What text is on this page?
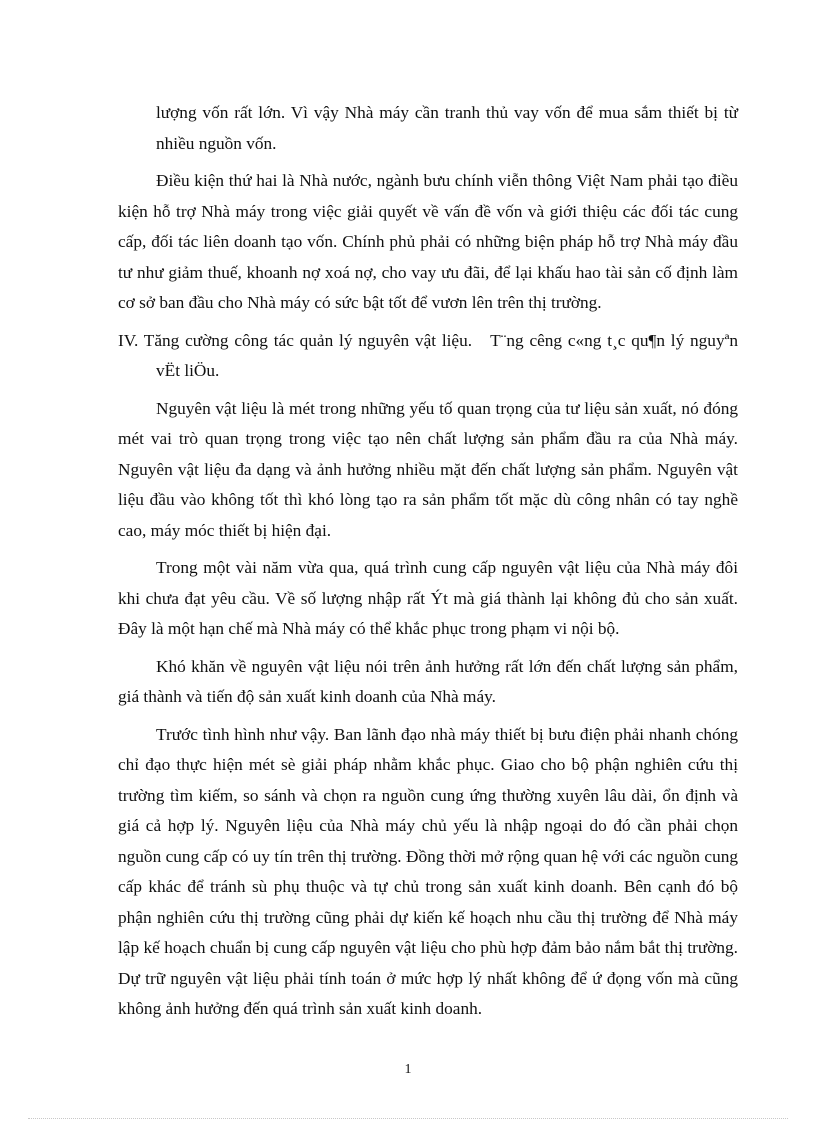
lượng vốn rất lớn. Vì vậy Nhà máy cần tranh thủ vay vốn để mua sắm thiết bị từ nhiều nguồn vốn.

Điều kiện thứ hai là Nhà nước, ngành bưu chính viễn thông Việt Nam phải tạo điều kiện hỗ trợ Nhà máy trong việc giải quyết về vấn đề vốn và giới thiệu các đối tác cung cấp, đối tác liên doanh tạo vốn. Chính phủ phải có những biện pháp hỗ trợ Nhà máy đầu tư như giảm thuế, khoanh nợ xoá nợ, cho vay ưu đãi, để lại khấu hao tài sản cố định làm cơ sở ban đầu cho Nhà máy có sức bật tốt để vươn lên trên thị trường.

IV. Tăng cường công tác quản lý nguyên vật liệu. T¨ng cêng c«ng t¸c qu¶n lý nguyªn vËt liÖu.

Nguyên vật liệu là mét trong những yếu tố quan trọng của tư liệu sản xuất, nó đóng mét vai trò quan trọng trong việc tạo nên chất lượng sản phẩm đầu ra của Nhà máy. Nguyên vật liệu đa dạng và ảnh hưởng nhiều mặt đến chất lượng sản phẩm. Nguyên vật liệu đầu vào không tốt thì khó lòng tạo ra sản phẩm tốt mặc dù công nhân có tay nghề cao, máy móc thiết bị hiện đại.

Trong một vài năm vừa qua, quá trình cung cấp nguyên vật liệu của Nhà máy đôi khi chưa đạt yêu cầu. Về số lượng nhập rất Ýt mà giá thành lại không đủ cho sản xuất. Đây là một hạn chế mà Nhà máy có thể khắc phục trong phạm vi nội bộ.

Khó khăn về nguyên vật liệu nói trên ảnh hưởng rất lớn đến chất lượng sản phẩm, giá thành và tiến độ sản xuất kinh doanh của Nhà máy.

Trước tình hình như vậy. Ban lãnh đạo nhà máy thiết bị bưu điện phải nhanh chóng chỉ đạo thực hiện mét sè giải pháp nhằm khắc phục. Giao cho bộ phận nghiên cứu thị trường tìm kiếm, so sánh và chọn ra nguồn cung ứng thường xuyên lâu dài, ổn định và giá cả hợp lý. Nguyên liệu của Nhà máy chủ yếu là nhập ngoại do đó cần phải chọn nguồn cung cấp có uy tín trên thị trường. Đồng thời mở rộng quan hệ với các nguồn cung cấp khác để tránh sù phụ thuộc và tự chủ trong sản xuất kinh doanh. Bên cạnh đó bộ phận nghiên cứu thị trường cũng phải dự kiến kế hoạch nhu cầu thị trường để Nhà máy lập kế hoạch chuẩn bị cung cấp nguyên vật liệu cho phù hợp đảm bảo nắm bắt thị trường. Dự trữ nguyên vật liệu phải tính toán ở mức hợp lý nhất không để ứ đọng vốn mà cũng không ảnh hưởng đến quá trình sản xuất kinh doanh.

1
